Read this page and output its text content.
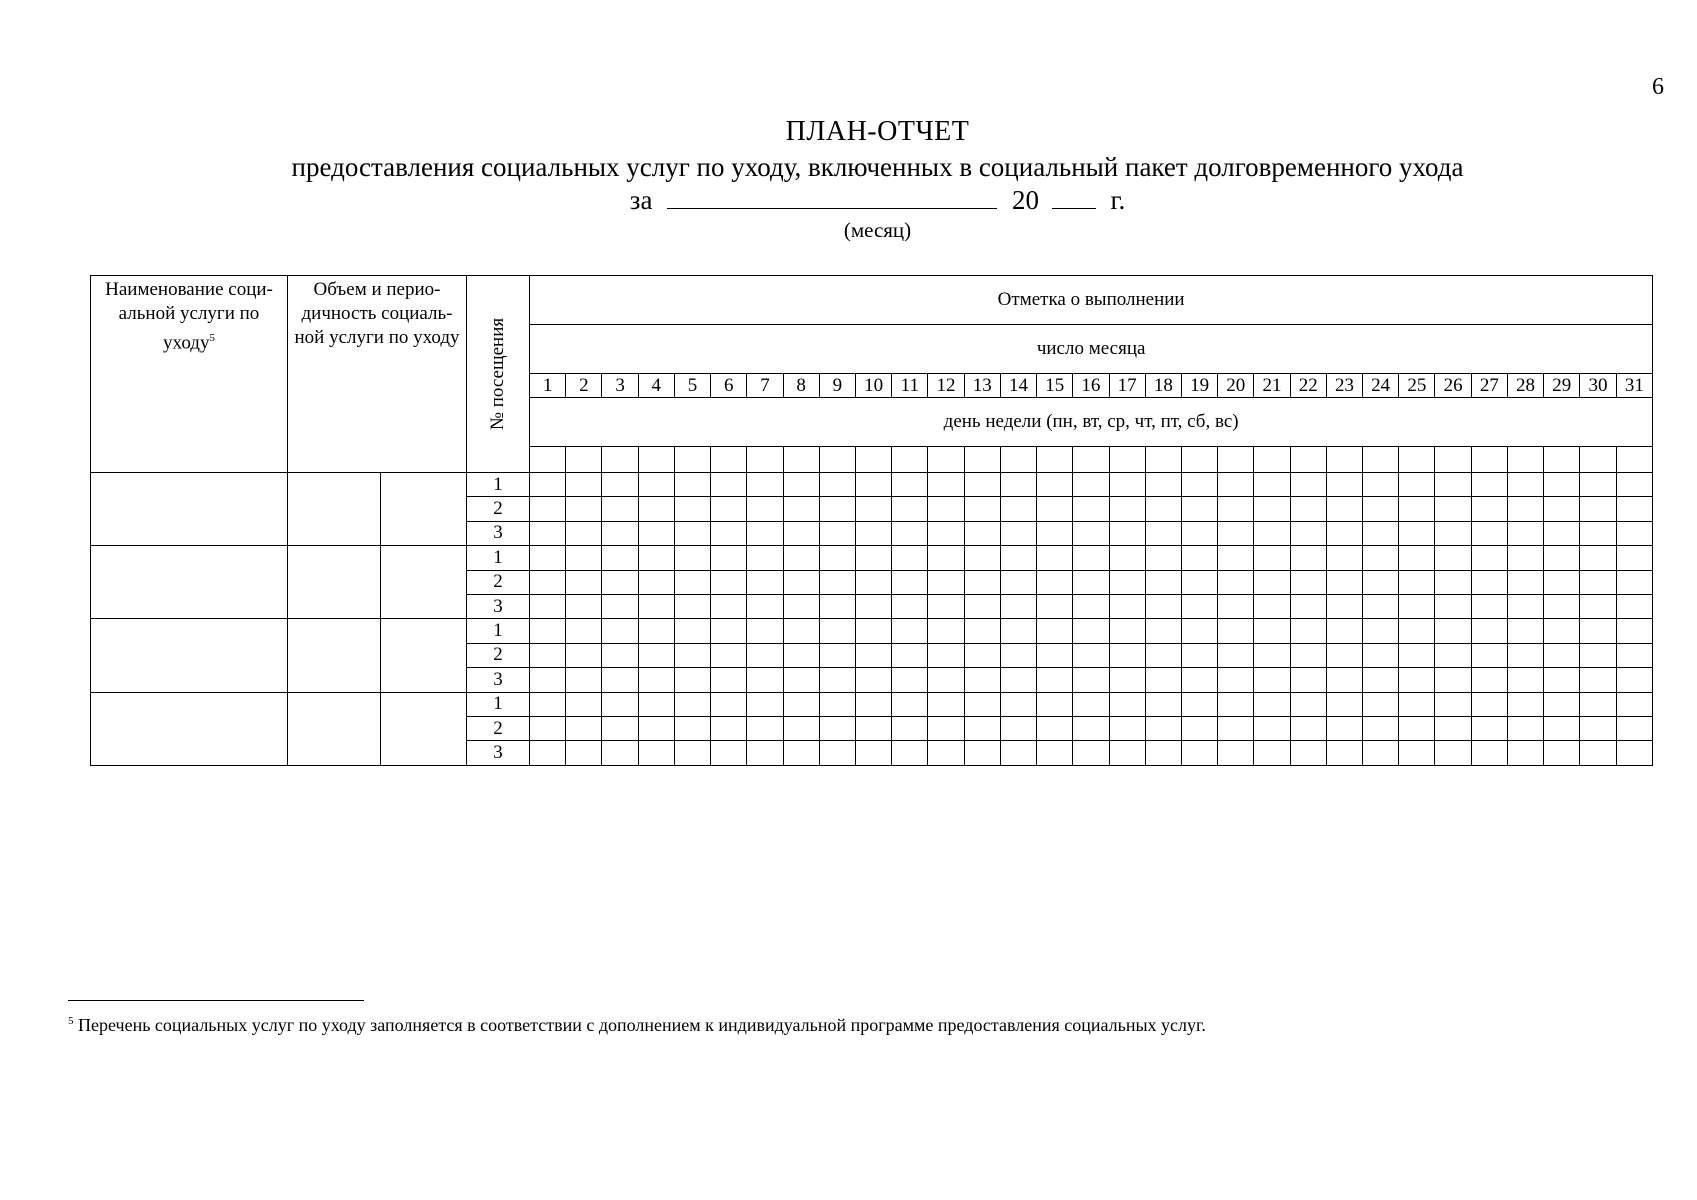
6
ПЛАН-ОТЧЕТ
предоставления социальных услуг по уходу, включенных в социальный пакет долговременного ухода
за	20	г.
(месяц)
Наименование соци-альной услуги по уходу$^5$	Объем и перио-дичность социаль-ной услуги по уходу		№ посещения	Отметка о выполнении																														
				число месяца																														
				1	2	3	4	5	6	7	8	9	10	11	12	13	14	15	16	17	18	19	20	21	22	23	24	25	26	27	28	29	30	31
				день недели (пн, вт, ср, чт, пт, сб, вс)																														

			1																															
			2																															
			3																															
			1																															
			2																															
			3																															
			1																															
			2																															
			3																															
			1																															
			2																															
			3																															
$^5$ Перечень социальных услуг по уходу заполняется в соответствии с дополнением к индивидуальной программе предоставления социальных услуг.
